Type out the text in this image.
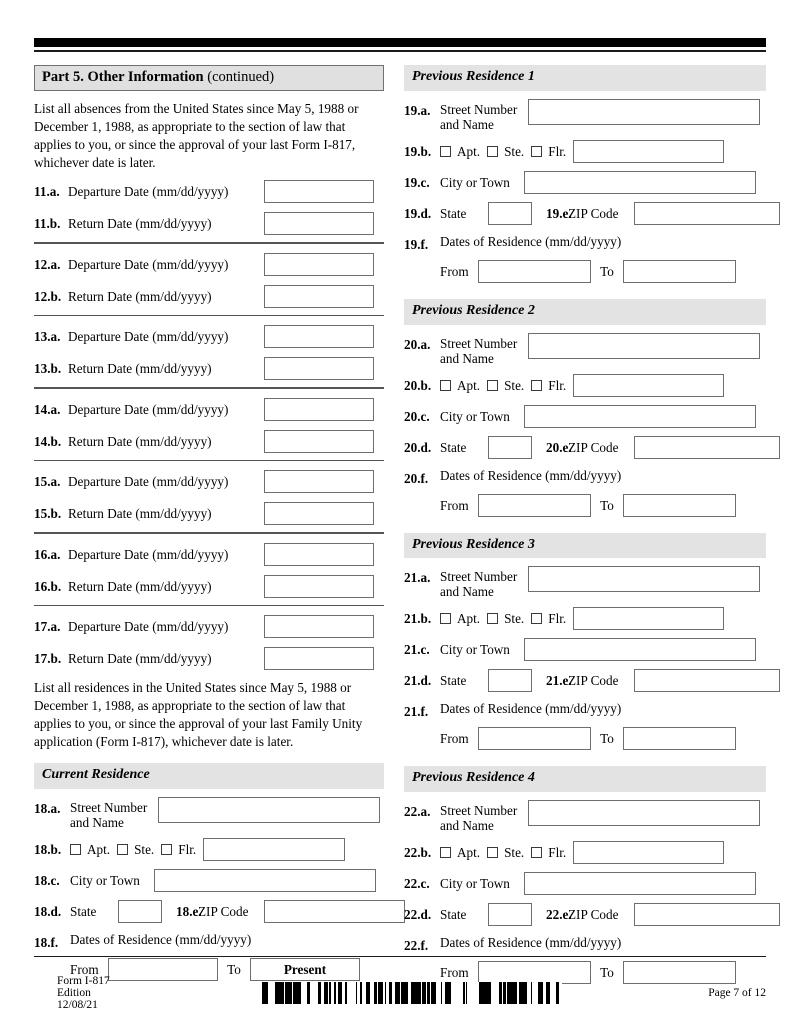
Part 5. Other Information (continued)
List all absences from the United States since May 5, 1988 or December 1, 1988, as appropriate to the section of law that applies to you, or since the approval of your last Form I-817, whichever date is later.
11.a. Departure Date (mm/dd/yyyy)
11.b. Return Date (mm/dd/yyyy)
12.a. Departure Date (mm/dd/yyyy)
12.b. Return Date (mm/dd/yyyy)
13.a. Departure Date (mm/dd/yyyy)
13.b. Return Date (mm/dd/yyyy)
14.a. Departure Date (mm/dd/yyyy)
14.b. Return Date (mm/dd/yyyy)
15.a. Departure Date (mm/dd/yyyy)
15.b. Return Date (mm/dd/yyyy)
16.a. Departure Date (mm/dd/yyyy)
16.b. Return Date (mm/dd/yyyy)
17.a. Departure Date (mm/dd/yyyy)
17.b. Return Date (mm/dd/yyyy)
List all residences in the United States since May 5, 1988 or December 1, 1988, as appropriate to the section of law that applies to you, or since the approval of your last Family Unity application (Form I-817), whichever date is later.
Current Residence
18.a. Street Number
and Name
18.b.	Apt.	Ste.	Flr.
18.c. City or Town
18.d. State	18.e.
ZIP Code
18.f. Dates of Residence (mm/dd/yyyy)
From	To	Present
Previous Residence 1
19.a. Street Number
and Name
19.b.	Apt.	Ste.	Flr.
19.c. City or Town
19.d. State	19.e.
ZIP Code
19.f. Dates of Residence (mm/dd/yyyy)
From	To
Previous Residence 2
20.a. Street Number
and Name
20.b.	Apt.	Ste.	Flr.
20.c. City or Town
20.d. State	20.e.
ZIP Code
20.f. Dates of Residence (mm/dd/yyyy)
From	To
Previous Residence 3
21.a. Street Number
and Name
21.b.	Apt.	Ste.	Flr.
21.c. City or Town
21.d. State	21.e.
ZIP Code
21.f. Dates of Residence (mm/dd/yyyy)
From	To
Previous Residence 4
22.a. Street Number
and Name
22.b.	Apt.	Ste.	Flr.
22.c. City or Town
22.d. State	22.e.
ZIP Code
22.f. Dates of Residence (mm/dd/yyyy)
From	To

Form I-817
Edition
12/08/21

Page 7 of 12
